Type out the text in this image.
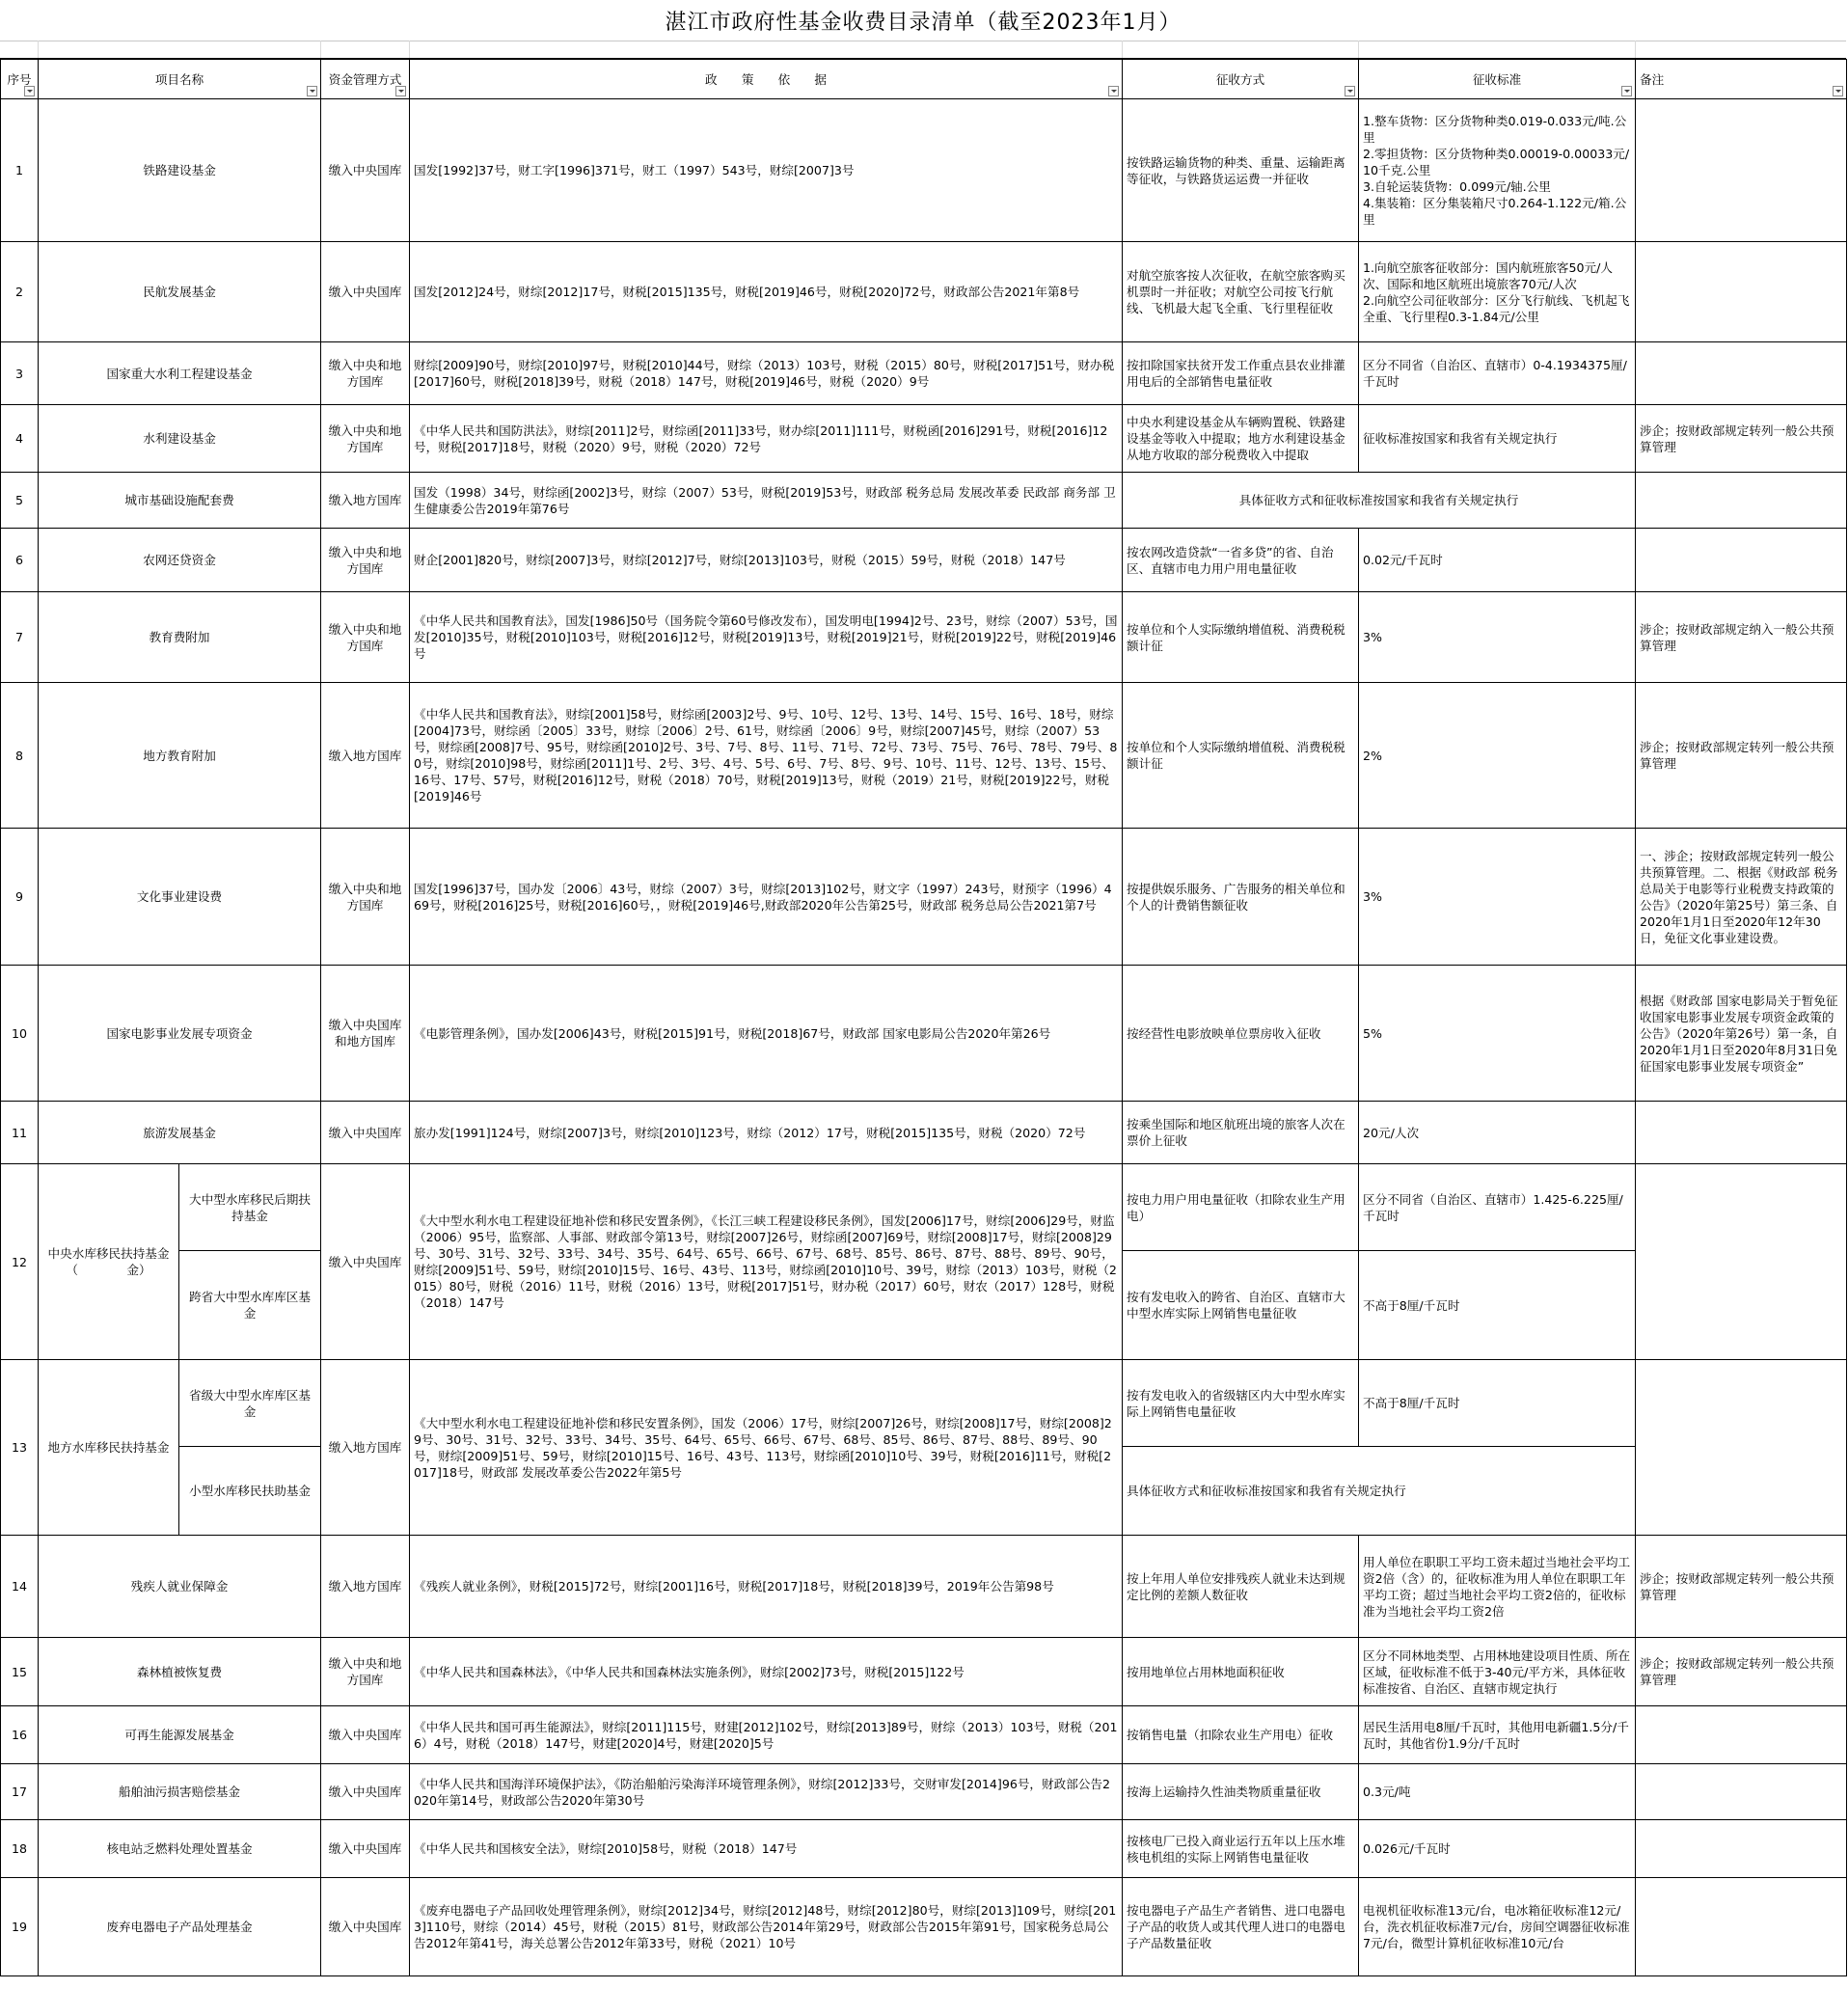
湛江市政府性基金收费目录清单（截至2023年1月）
序号	项目名称		资金管理方式	政　　策　　依　　据	征收方式	征收标准	备注

1	铁路建设基金		缴入中央国库	国发[1992]37号，财工字[1996]371号，财工（1997）543号，财综[2007]3号	按铁路运输货物的种类、重量、运输距离等征收，与铁路货运运费一并征收	1.整车货物：区分货物种类0.019-0.033元/吨.公里
2.零担货物：区分货物种类0.00019-0.00033元/10千克.公里
3.自轮运装货物：0.099元/轴.公里
4.集装箱：区分集装箱尺寸0.264-1.122元/箱.公里	
2	民航发展基金		缴入中央国库	国发[2012]24号，财综[2012]17号，财税[2015]135号，财税[2019]46号，财税[2020]72号，财政部公告2021年第8号	对航空旅客按人次征收，在航空旅客购买机票时一并征收；对航空公司按飞行航线、飞机最大起飞全重、飞行里程征收	1.向航空旅客征收部分：国内航班旅客50元/人次、国际和地区航班出境旅客70元/人次
2.向航空公司征收部分：区分飞行航线、飞机起飞全重、飞行里程0.3-1.84元/公里	
3	国家重大水利工程建设基金		缴入中央和地方国库	财综[2009]90号，财综[2010]97号，财税[2010]44号，财综（2013）103号，财税（2015）80号，财税[2017]51号，财办税[2017]60号，财税[2018]39号，财税（2018）147号，财税[2019]46号，财税（2020）9号	按扣除国家扶贫开发工作重点县农业排灌用电后的全部销售电量征收	区分不同省（自治区、直辖市）0-4.1934375厘/千瓦时	
4	水利建设基金		缴入中央和地方国库	《中华人民共和国防洪法》，财综[2011]2号，财综函[2011]33号，财办综[2011]111号，财税函[2016]291号，财税[2016]12号，财税[2017]18号，财税（2020）9号，财税（2020）72号	中央水利建设基金从车辆购置税、铁路建设基金等收入中提取；地方水利建设基金从地方收取的部分税费收入中提取	征收标准按国家和我省有关规定执行	涉企；按财政部规定转列一般公共预算管理
5	城市基础设施配套费		缴入地方国库	国发（1998）34号，财综函[2002]3号，财综（2007）53号，财税[2019]53号，财政部 税务总局 发展改革委 民政部 商务部 卫生健康委公告2019年第76号	具体征收方式和征收标准按国家和我省有关规定执行		
6	农网还贷资金		缴入中央和地方国库	财企[2001]820号，财综[2007]3号，财综[2012]7号，财综[2013]103号，财税（2015）59号，财税（2018）147号	按农网改造贷款“一省多贷”的省、自治区、直辖市电力用户用电量征收	0.02元/千瓦时	
7	教育费附加		缴入中央和地方国库	《中华人民共和国教育法》，国发[1986]50号（国务院令第60号修改发布），国发明电[1994]2号、23号，财综（2007）53号，国发[2010]35号，财税[2010]103号，财税[2016]12号，财税[2019]13号，财税[2019]21号，财税[2019]22号，财税[2019]46号	按单位和个人实际缴纳增值税、消费税税额计征	3%	涉企；按财政部规定纳入一般公共预算管理
8	地方教育附加		缴入地方国库	《中华人民共和国教育法》，财综[2001]58号，财综函[2003]2号、9号、10号、12号、13号、14号、15号、16号、18号，财综[2004]73号，财综函〔2005〕33号，财综〔2006〕2号、61号，财综函〔2006〕9号，财综[2007]45号，财综（2007）53号，财综函[2008]7号、95号，财综函[2010]2号、3号、7号、8号、11号、71号、72号、73号、75号、76号、78号、79号、80号，财综[2010]98号，财综函[2011]1号、2号、3号、4号、5号、6号、7号、8号、9号、10号、11号、12号、13号、15号、16号、17号、57号，财税[2016]12号，财税（2018）70号，财税[2019]13号，财税（2019）21号，财税[2019]22号，财税[2019]46号	按单位和个人实际缴纳增值税、消费税税额计征	2%	涉企；按财政部规定转列一般公共预算管理
9	文化事业建设费		缴入中央和地方国库	国发[1996]37号，国办发〔2006〕43号，财综（2007）3号，财综[2013]102号，财文字（1997）243号，财预字（1996）469号，财税[2016]25号，财税[2016]60号，，财税[2019]46号,财政部2020年公告第25号，财政部 税务总局公告2021第7号	按提供娱乐服务、广告服务的相关单位和个人的计费销售额征收	3%	一、涉企；按财政部规定转列一般公共预算管理。二、根据《财政部 税务总局关于电影等行业税费支持政策的公告》（2020年第25号）第三条、自2020年1月1日至2020年12年30日，免征文化事业建设费。
10	国家电影事业发展专项资金		缴入中央国库和地方国库	《电影管理条例》，国办发[2006]43号，财税[2015]91号，财税[2018]67号，财政部 国家电影局公告2020年第26号	按经营性电影放映单位票房收入征收	5%	根据《财政部 国家电影局关于暂免征收国家电影事业发展专项资金政策的公告》（2020年第26号）第一条，自2020年1月1日至2020年8月31日免征国家电影事业发展专项资金”
11	旅游发展基金		缴入中央国库	旅办发[1991]124号，财综[2007]3号，财综[2010]123号，财综（2012）17号，财税[2015]135号，财税（2020）72号	按乘坐国际和地区航班出境的旅客人次在票价上征收	20元/人次	
12	中央水库移民扶持基金（　　　　金）	大中型水库移民后期扶持基金	缴入中央国库	《大中型水利水电工程建设征地补偿和移民安置条例》，《长江三峡工程建设移民条例》，国发[2006]17号，财综[2006]29号，财监（2006）95号，监察部、人事部、财政部令第13号，财综[2007]26号，财综函[2007]69号，财综[2008]17号，财综[2008]29号、30号、31号、32号、33号、34号、35号、64号、65号、66号、67号、68号、85号、86号、87号、88号、89号、90号，财综[2009]51号、59号，财综[2010]15号、16号、43号、113号，财综函[2010]10号、39号，财综（2013）103号，财税（2015）80号，财税（2016）11号，财税（2016）13号，财税[2017]51号，财办税（2017）60号，财农（2017）128号，财税（2018）147号	按电力用户用电量征收（扣除农业生产用电）	区分不同省（自治区、直辖市）1.425-6.225厘/千瓦时	
		跨省大中型水库库区基金			按有发电收入的跨省、自治区、直辖市大中型水库实际上网销售电量征收	不高于8厘/千瓦时	
13	地方水库移民扶持基金	省级大中型水库库区基金	缴入地方国库	《大中型水利水电工程建设征地补偿和移民安置条例》，国发（2006）17号，财综[2007]26号，财综[2008]17号，财综[2008]29号、30号、31号、32号、33号、34号、35号、64号、65号、66号、67号、68号、85号、86号、87号、88号、89号、90号，财综[2009]51号、59号，财综[2010]15号、16号、43号、113号，财综函[2010]10号、39号，财税[2016]11号，财税[2017]18号，财政部 发展改革委公告2022年第5号	按有发电收入的省级辖区内大中型水库实际上网销售电量征收	不高于8厘/千瓦时	
		小型水库移民扶助基金			具体征收方式和征收标准按国家和我省有关规定执行		
14	残疾人就业保障金		缴入地方国库	《残疾人就业条例》，财税[2015]72号，财综[2001]16号，财税[2017]18号，财税[2018]39号，2019年公告第98号	按上年用人单位安排残疾人就业未达到规定比例的差额人数征收	用人单位在职职工平均工资未超过当地社会平均工资2倍（含）的，征收标准为用人单位在职职工年平均工资；超过当地社会平均工资2倍的，征收标准为当地社会平均工资2倍	涉企；按财政部规定转列一般公共预算管理
15	森林植被恢复费		缴入中央和地方国库	《中华人民共和国森林法》，《中华人民共和国森林法实施条例》，财综[2002]73号，财税[2015]122号	按用地单位占用林地面积征收	区分不同林地类型、占用林地建设项目性质、所在区域，征收标准不低于3-40元/平方米，具体征收标准按省、自治区、直辖市规定执行	涉企；按财政部规定转列一般公共预算管理
16	可再生能源发展基金		缴入中央国库	《中华人民共和国可再生能源法》，财综[2011]115号，财建[2012]102号，财综[2013]89号，财综（2013）103号，财税（2016）4号，财税（2018）147号，财建[2020]4号，财建[2020]5号	按销售电量（扣除农业生产用电）征收	居民生活用电8厘/千瓦时，其他用电新疆1.5分/千瓦时，其他省份1.9分/千瓦时	
17	船舶油污损害赔偿基金		缴入中央国库	《中华人民共和国海洋环境保护法》，《防治船舶污染海洋环境管理条例》，财综[2012]33号，交财审发[2014]96号，财政部公告2020年第14号，财政部公告2020年第30号	按海上运输持久性油类物质重量征收	0.3元/吨	
18	核电站乏燃料处理处置基金		缴入中央国库	《中华人民共和国核安全法》，财综[2010]58号，财税（2018）147号	按核电厂已投入商业运行五年以上压水堆核电机组的实际上网销售电量征收	0.026元/千瓦时	
19	废弃电器电子产品处理基金		缴入中央国库	《废弃电器电子产品回收处理管理条例》，财综[2012]34号，财综[2012]48号，财综[2012]80号，财综[2013]109号，财综[2013]110号，财综（2014）45号，财税（2015）81号，财政部公告2014年第29号，财政部公告2015年第91号，国家税务总局公告2012年第41号，海关总署公告2012年第33号，财税（2021）10号	按电器电子产品生产者销售、进口电器电子产品的收货人或其代理人进口的电器电子产品数量征收	电视机征收标准13元/台，电冰箱征收标准12元/台，洗衣机征收标准7元/台，房间空调器征收标准7元/台，微型计算机征收标准10元/台	
